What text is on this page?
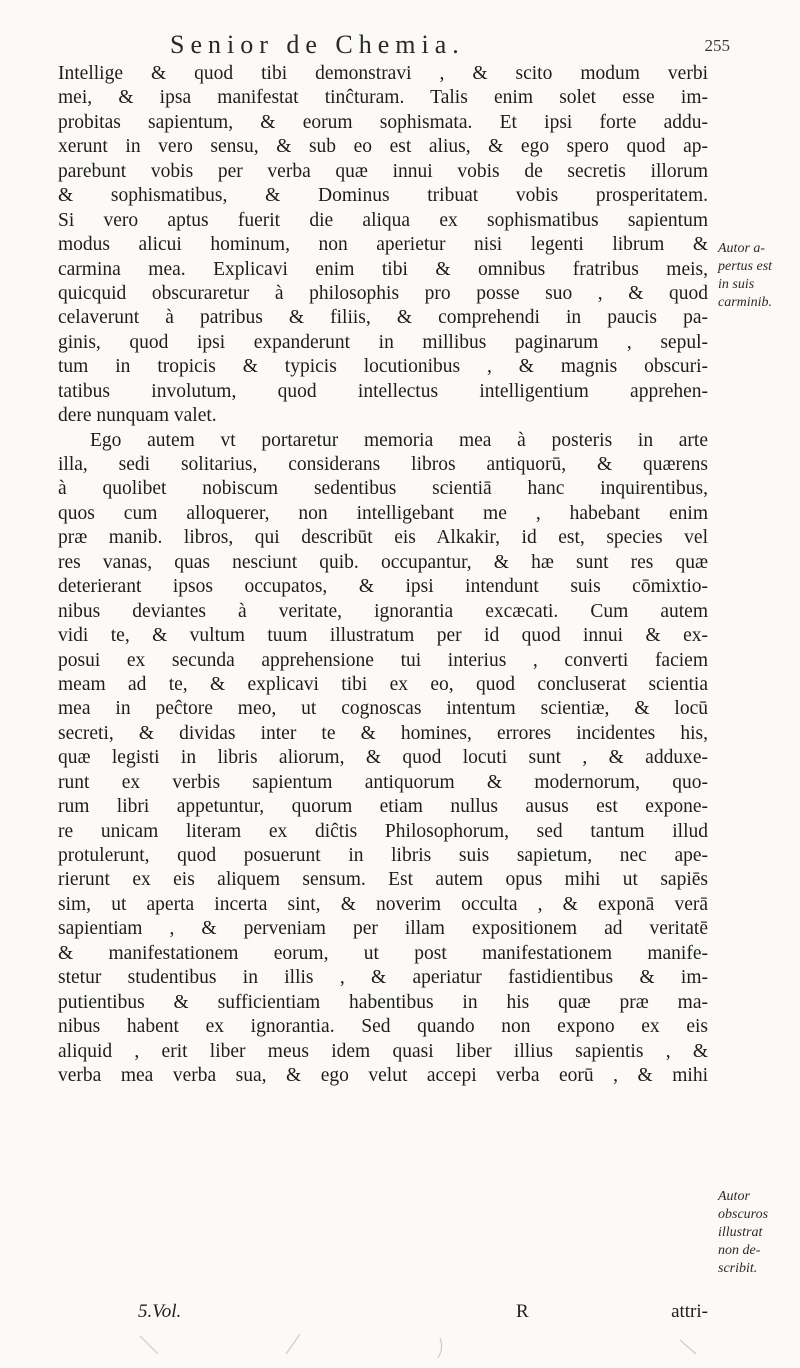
Senior de Chemia.	255
Intellige & quod tibi demonstravi , & scito modum verbi
mei, & ipsa manifestat tinĉturam. Talis enim solet esse im-
probitas sapientum, & eorum sophismata. Et ipsi forte addu-
xerunt in vero sensu, & sub eo est alius, & ego spero quod ap-
parebunt vobis per verba quæ innui vobis de secretis illorum
& sophismatibus, & Dominus tribuat vobis prosperitatem.
Si vero aptus fuerit die aliqua ex sophismatibus sapientum
modus alicui hominum, non aperietur nisi legenti librum &
carmina mea. Explicavi enim tibi & omnibus fratribus meis,
quicquid obscuraretur à philosophis pro posse suo , & quod
celaverunt à patribus & filiis, & comprehendi in paucis pa-
ginis, quod ipsi expanderunt in millibus paginarum , sepul-
tum in tropicis & typicis locutionibus , & magnis obscuri-
tatibus involutum, quod intellectus intelligentium apprehen-
dere nunquam valet.
Ego autem vt portaretur memoria mea à posteris in arte
illa, sedi solitarius, considerans libros antiquorū, & quærens
à quolibet nobiscum sedentibus scientiā hanc inquirentibus,
quos cum alloquerer, non intelligebant me , habebant enim
præ manib. libros, qui describūt eis Alkakir, id est, species vel
res vanas, quas nesciunt quib. occupantur, & hæ sunt res quæ
deterierant ipsos occupatos, & ipsi intendunt suis cōmixtio-
nibus deviantes à veritate, ignorantia excæcati. Cum autem
vidi te, & vultum tuum illustratum per id quod innui & ex-
posui ex secunda apprehensione tui interius , converti faciem
meam ad te, & explicavi tibi ex eo, quod concluserat scientia
mea in peĉtore meo, ut cognoscas intentum scientiæ, & locū
secreti, & dividas inter te & homines, errores incidentes his,
quæ legisti in libris aliorum, & quod locuti sunt , & adduxe-
runt ex verbis sapientum antiquorum & modernorum, quo-
rum libri appetuntur, quorum etiam nullus ausus est expone-
re unicam literam ex diĉtis Philosophorum, sed tantum illud
protulerunt, quod posuerunt in libris suis sapietum, nec ape-
rierunt ex eis aliquem sensum. Est autem opus mihi ut sapiēs
sim, ut aperta incerta sint, & noverim occulta , & exponā verā
sapientiam , & perveniam per illam expositionem ad veritatē
& manifestationem eorum, ut post manifestationem manife-
stetur studentibus in illis , & aperiatur fastidientibus & im-
putientibus & sufficientiam habentibus in his quæ præ ma-
nibus habent ex ignorantia. Sed quando non expono ex eis
aliquid , erit liber meus idem quasi liber illius sapientis , &
verba mea verba sua, & ego velut accepi verba eorū , & mihi
Autor a-
pertus est
in suis
carminib.
Autor
obscuros
illustrat
non de-
scribit.
5.Vol.	R	attri-
